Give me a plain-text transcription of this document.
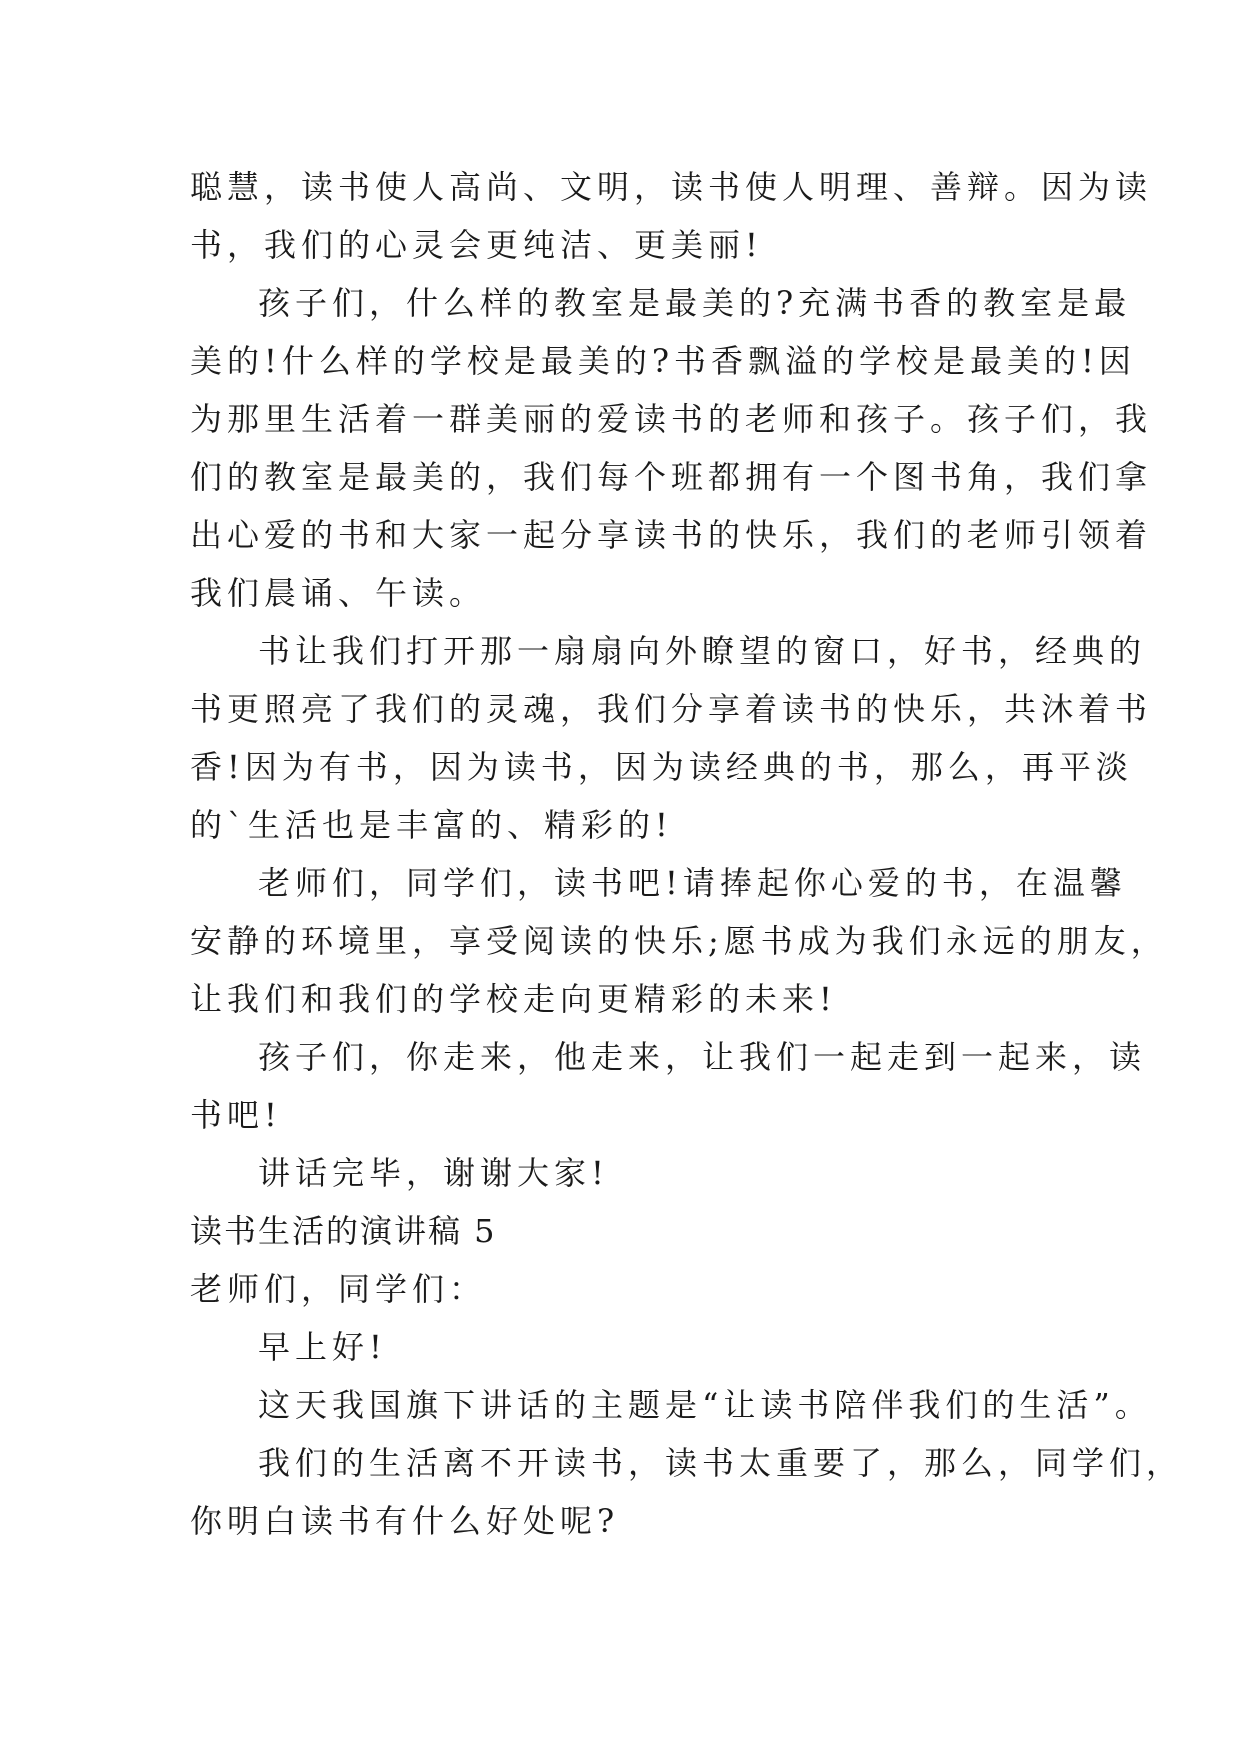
聪慧，读书使人高尚、文明，读书使人明理、善辩。因为读
书，我们的心灵会更纯洁、更美丽!
孩子们，什么样的教室是最美的?充满书香的教室是最
美的!什么样的学校是最美的?书香飘溢的学校是最美的!因
为那里生活着一群美丽的爱读书的老师和孩子。孩子们，我
们的教室是最美的，我们每个班都拥有一个图书角，我们拿
出心爱的书和大家一起分享读书的快乐，我们的老师引领着
我们晨诵、午读。
书让我们打开那一扇扇向外瞭望的窗口，好书，经典的
书更照亮了我们的灵魂，我们分享着读书的快乐，共沐着书
香!因为有书，因为读书，因为读经典的书，那么，再平淡
的`生活也是丰富的、精彩的!
老师们，同学们，读书吧!请捧起你心爱的书，在温馨
安静的环境里，享受阅读的快乐;愿书成为我们永远的朋友，
让我们和我们的学校走向更精彩的未来!
孩子们，你走来，他走来，让我们一起走到一起来，读
书吧!
讲话完毕，谢谢大家!
读书生活的演讲稿 5
老师们，同学们：
早上好!
这天我国旗下讲话的主题是“让读书陪伴我们的生活”。
我们的生活离不开读书，读书太重要了，那么，同学们，
你明白读书有什么好处呢?
